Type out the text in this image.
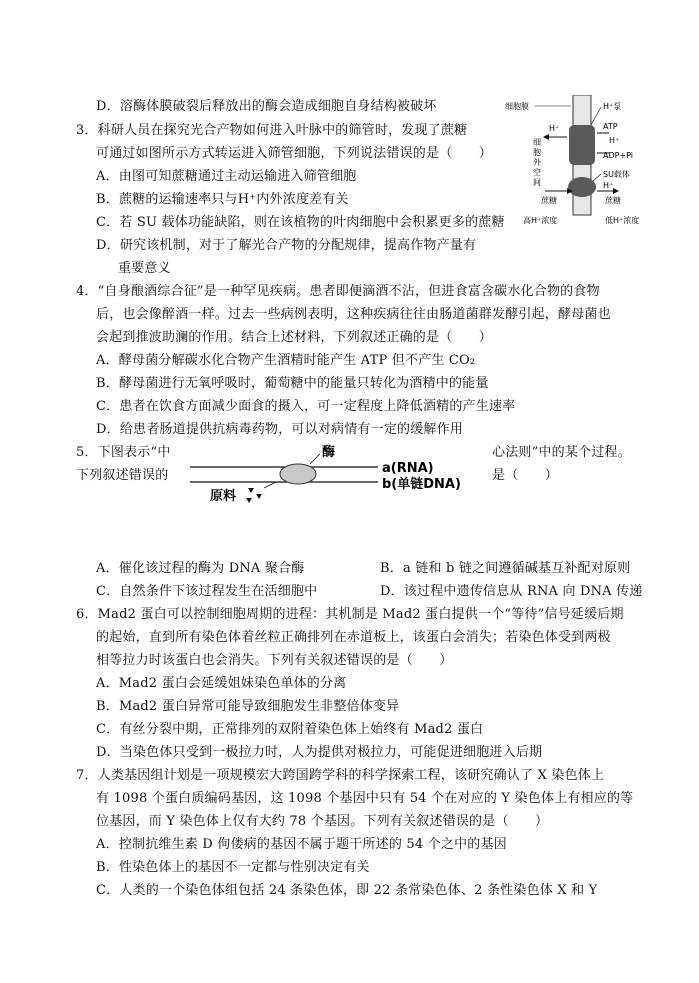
D．溶酶体膜破裂后释放出的酶会造成细胞自身结构被破坏
3．科研人员在探究光合产物如何进入叶脉中的筛管时，发现了蔗糖
可通过如图所示方式转运进入筛管细胞，下列说法错误的是（　　）
A．由图可知蔗糖通过主动运输进入筛管细胞
B．蔗糖的运输速率只与H⁺内外浓度差有关
C．若 SU 载体功能缺陷，则在该植物的叶肉细胞中会积累更多的蔗糖
D．研究该机制，对于了解光合产物的分配规律，提高作物产量有
重要意义
4．“自身酿酒综合征”是一种罕见疾病。患者即便滴酒不沾，但进食富含碳水化合物的食物
后，也会像醉酒一样。过去一些病例表明，这种疾病往往由肠道菌群发酵引起，酵母菌也
会起到推波助澜的作用。结合上述材料，下列叙述正确的是（　　）
A．酵母菌分解碳水化合物产生酒精时能产生 ATP 但不产生 CO₂
B．酵母菌进行无氧呼吸时，葡萄糖中的能量只转化为酒精中的能量
C．患者在饮食方面减少面食的摄入，可一定程度上降低酒精的产生速率
D．给患者肠道提供抗病毒药物，可以对病情有一定的缓解作用
5．下图表示“中	心法则”中的某个过程。
下列叙述错误的	是（　　）
A．催化该过程的酶为 DNA 聚合酶	B．a 链和 b 链之间遵循碱基互补配对原则
C．自然条件下该过程发生在活细胞中	D．该过程中遗传信息从 RNA 向 DNA 传递
6．Mad2 蛋白可以控制细胞周期的进程：其机制是 Mad2 蛋白提供一个“等待”信号延缓后期
的起始，直到所有染色体着丝粒正确排列在赤道板上，该蛋白会消失；若染色体受到两极
相等拉力时该蛋白也会消失。下列有关叙述错误的是（　　）
A．Mad2 蛋白会延缓姐妹染色单体的分离
B．Mad2 蛋白异常可能导致细胞发生非整倍体变异
C．有丝分裂中期，正常排列的双附着染色体上始终有 Mad2 蛋白
D．当染色体只受到一极拉力时，人为提供对极拉力，可能促进细胞进入后期
7．人类基因组计划是一项规模宏大跨国跨学科的科学探索工程，该研究确认了 X 染色体上
有 1098 个蛋白质编码基因，这 1098 个基因中只有 54 个在对应的 Y 染色体上有相应的等
位基因，而 Y 染色体上仅有大约 78 个基因。下列有关叙述错误的是（　　）
A．控制抗维生素 D 佝偻病的基因不属于题干所述的 54 个之中的基因
B．性染色体上的基因不一定都与性别决定有关
C．人类的一个染色体组包括 24 条染色体，即 22 条常染色体、2 条性染色体 X 和 Y
细胞膜	H⁺泵
ATP
H⁺
ADP+Pi
H⁺
SU载体
H⁺
蔗糖	蔗糖
高H⁺浓度	低H⁺浓度
细胞外空间
酶
a(RNA)
b(单链DNA)
原料
